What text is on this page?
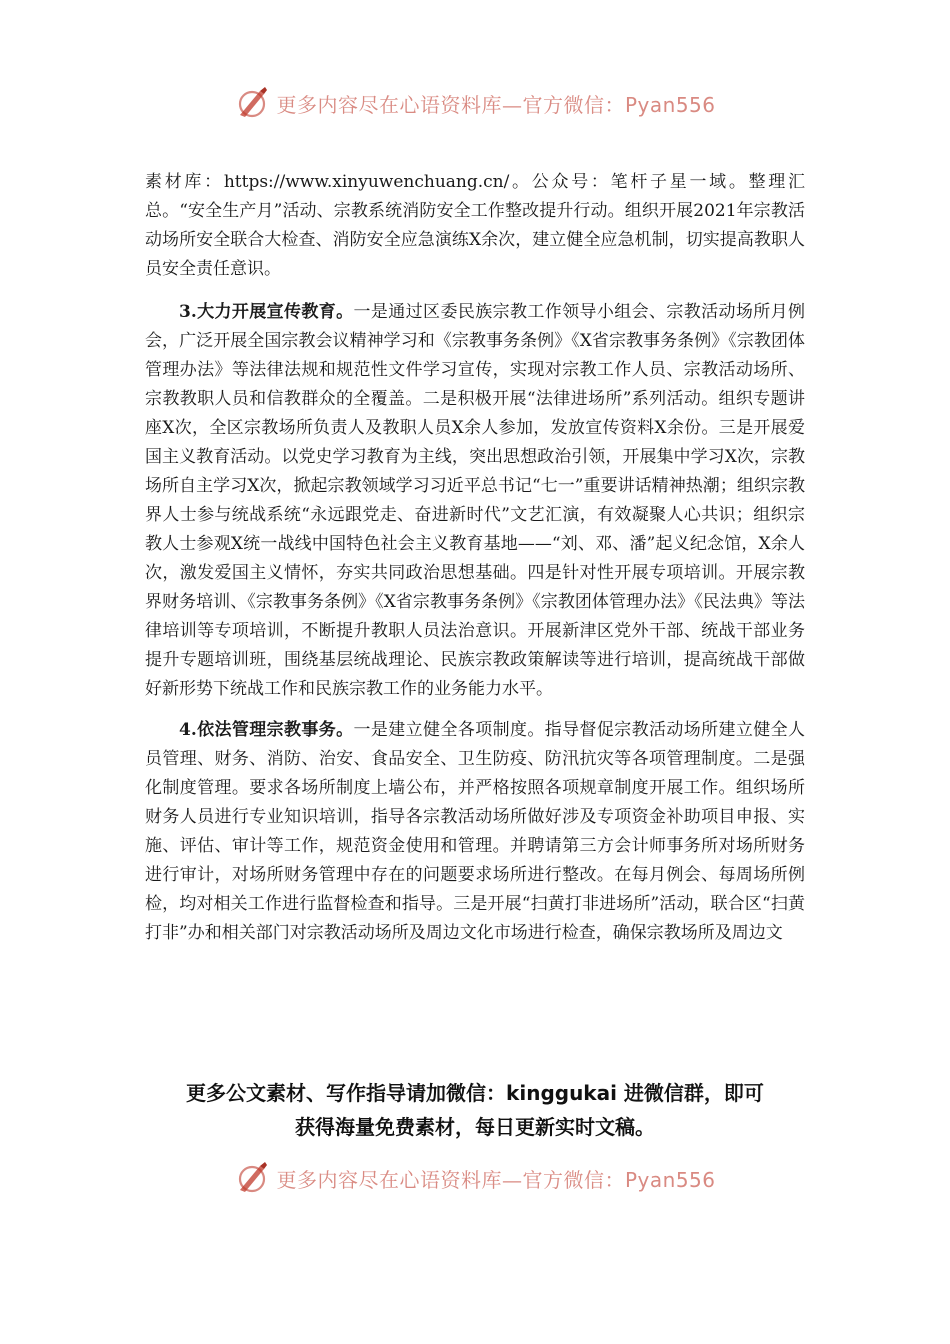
更多内容尽在心语资料库—官方微信：Pyan556

素材库：https://www.xinyuwenchuang.cn/。公众号：笔杆子星一域。整理汇总。“安全生产月”活动、宗教系统消防安全工作整改提升行动。组织开展2021年宗教活动场所安全联合大检查、消防安全应急演练X余次，建立健全应急机制，切实提高教职人员安全责任意识。

3.大力开展宣传教育。一是通过区委民族宗教工作领导小组会、宗教活动场所月例会，广泛开展全国宗教会议精神学习和《宗教事务条例》《X省宗教事务条例》《宗教团体管理办法》等法律法规和规范性文件学习宣传，实现对宗教工作人员、宗教活动场所、宗教教职人员和信教群众的全覆盖。二是积极开展“法律进场所”系列活动。组织专题讲座X次，全区宗教场所负责人及教职人员X余人参加，发放宣传资料X余份。三是开展爱国主义教育活动。以党史学习教育为主线，突出思想政治引领，开展集中学习X次，宗教场所自主学习X次，掀起宗教领域学习习近平总书记“七一”重要讲话精神热潮；组织宗教界人士参与统战系统“永远跟党走、奋进新时代”文艺汇演，有效凝聚人心共识；组织宗教人士参观X统一战线中国特色社会主义教育基地——“刘、邓、潘”起义纪念馆，X余人次，激发爱国主义情怀，夯实共同政治思想基础。四是针对性开展专项培训。开展宗教界财务培训、《宗教事务条例》《X省宗教事务条例》《宗教团体管理办法》《民法典》等法律培训等专项培训，不断提升教职人员法治意识。开展新津区党外干部、统战干部业务提升专题培训班，围绕基层统战理论、民族宗教政策解读等进行培训，提高统战干部做好新形势下统战工作和民族宗教工作的业务能力水平。

4.依法管理宗教事务。一是建立健全各项制度。指导督促宗教活动场所建立健全人员管理、财务、消防、治安、食品安全、卫生防疫、防汛抗灾等各项管理制度。二是强化制度管理。要求各场所制度上墙公布，并严格按照各项规章制度开展工作。组织场所财务人员进行专业知识培训，指导各宗教活动场所做好涉及专项资金补助项目申报、实施、评估、审计等工作，规范资金使用和管理。并聘请第三方会计师事务所对场所财务进行审计，对场所财务管理中存在的问题要求场所进行整改。在每月例会、每周场所例检，均对相关工作进行监督检查和指导。三是开展“扫黄打非进场所”活动，联合区“扫黄打非”办和相关部门对宗教活动场所及周边文化市场进行检查，确保宗教场所及周边文

更多公文素材、写作指导请加微信：kinggukai 进微信群，即可
获得海量免费素材，每日更新实时文稿。
更多内容尽在心语资料库—官方微信：Pyan556
